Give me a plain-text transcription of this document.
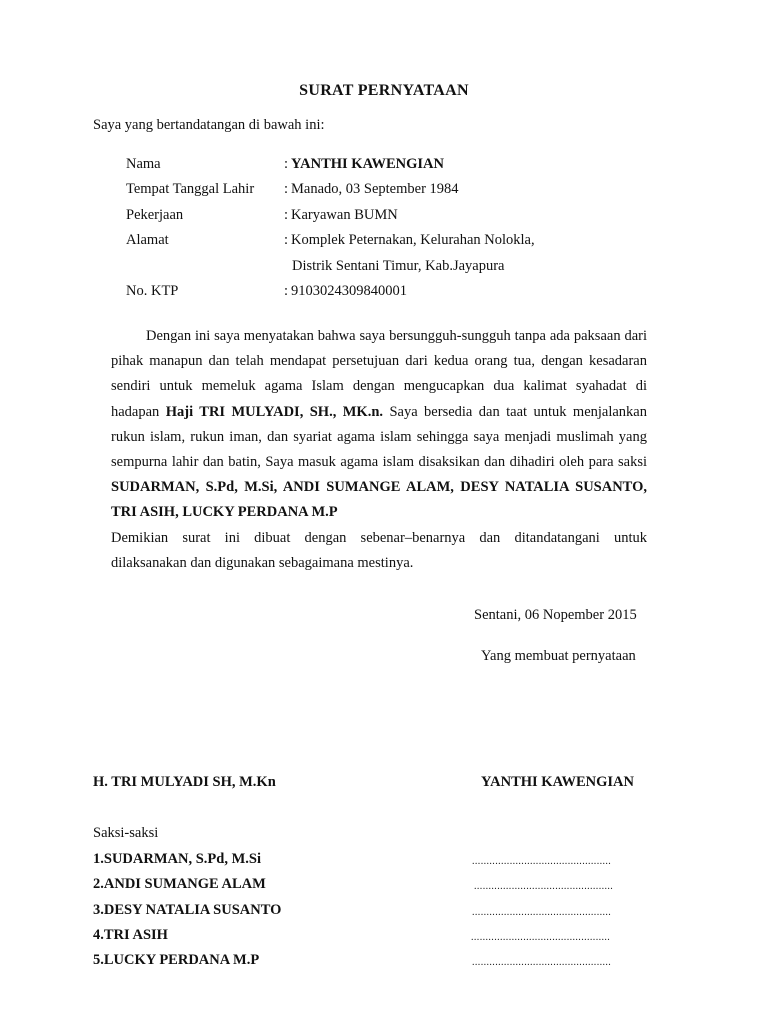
SURAT PERNYATAAN
Saya yang bertandatangan di bawah ini:
Nama	: YANTHI KAWENGIAN
Tempat Tanggal Lahir : Manado, 03 September 1984
Pekerjaan	: Karyawan BUMN
Alamat	: Komplek Peternakan, Kelurahan Nolokla,
Distrik Sentani Timur, Kab.Jayapura
No. KTP	: 9103024309840001
Dengan ini saya menyatakan bahwa saya bersungguh-sungguh tanpa ada paksaan dari
pihak manapun dan telah mendapat persetujuan dari kedua orang tua, dengan kesadaran
sendiri untuk memeluk agama Islam dengan mengucapkan dua kalimat syahadat di
hadapan Haji TRI MULYADI, SH., MK.n. Saya bersedia dan taat untuk menjalankan
rukun islam, rukun iman, dan syariat agama islam sehingga saya menjadi muslimah yang
sempurna lahir dan batin, Saya masuk agama islam disaksikan dan dihadiri oleh para saksi
SUDARMAN, S.Pd, M.Si, ANDI SUMANGE ALAM, DESY NATALIA SUSANTO,
TRI ASIH, LUCKY PERDANA M.P
Demikian surat ini dibuat dengan sebenar–benarnya dan ditandatangani untuk
dilaksanakan dan digunakan sebagaimana mestinya.
Sentani, 06 Nopember 2015
Yang membuat pernyataan
H. TRI MULYADI SH, M.Kn	YANTHI KAWENGIAN
Saksi-saksi
1.SUDARMAN, S.Pd, M.Si	................................................
2.ANDI SUMANGE ALAM	................................................
3.DESY NATALIA SUSANTO	................................................
4.TRI ASIH	................................................
5.LUCKY PERDANA M.P	................................................
